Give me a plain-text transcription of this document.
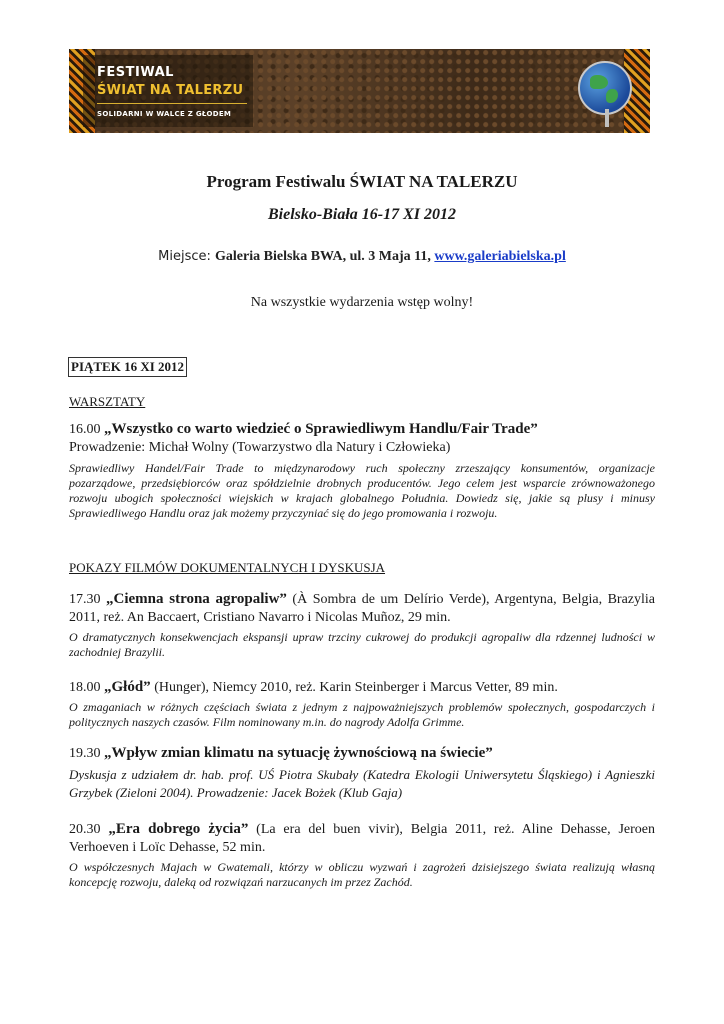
FESTIWAL
ŚWIAT NA TALERZU
SOLIDARNI W WALCE Z GŁODEM
Program Festiwalu ŚWIAT NA TALERZU
Bielsko-Biała 16-17 XI 2012
Miejsce: Galeria Bielska BWA, ul. 3 Maja 11, www.galeriabielska.pl
Na wszystkie wydarzenia wstęp wolny!
PIĄTEK 16 XI 2012
WARSZTATY
16.00 „Wszystko co warto wiedzieć o Sprawiedliwym Handlu/Fair Trade”
Prowadzenie: Michał Wolny (Towarzystwo dla Natury i Człowieka)
Sprawiedliwy Handel/Fair Trade to międzynarodowy ruch społeczny zrzeszający konsumentów, organizacje pozarządowe, przedsiębiorców oraz spółdzielnie drobnych producentów. Jego celem jest wsparcie zrównoważonego rozwoju ubogich społeczności wiejskich w krajach globalnego Południa. Dowiedz się, jakie są plusy i minusy Sprawiedliwego Handlu oraz jak możemy przyczyniać się do jego promowania i rozwoju.
POKAZY FILMÓW DOKUMENTALNYCH I DYSKUSJA
17.30 „Ciemna strona agropaliw” (À Sombra de um Delírio Verde), Argentyna, Belgia, Brazylia 2011, reż. An Baccaert, Cristiano Navarro i Nicolas Muñoz, 29 min.
O dramatycznych konsekwencjach ekspansji upraw trzciny cukrowej do produkcji agropaliw dla rdzennej ludności w zachodniej Brazylii.
18.00 „Głód” (Hunger), Niemcy 2010, reż. Karin Steinberger i Marcus Vetter, 89 min.
O zmaganiach w różnych częściach świata z jednym z najpoważniejszych problemów społecznych, gospodarczych i politycznych naszych czasów. Film nominowany m.in. do nagrody Adolfa Grimme.
19.30 „Wpływ zmian klimatu na sytuację żywnościową na świecie”
Dyskusja z udziałem dr. hab. prof. UŚ Piotra Skubały (Katedra Ekologii Uniwersytetu Śląskiego) i Agnieszki Grzybek (Zieloni 2004). Prowadzenie: Jacek Bożek (Klub Gaja)
20.30 „Era dobrego życia” (La era del buen vivir), Belgia 2011, reż. Aline Dehasse, Jeroen Verhoeven i Loïc Dehasse, 52 min.
O współczesnych Majach w Gwatemali, którzy w obliczu wyzwań i zagrożeń dzisiejszego świata realizują własną koncepcję rozwoju, daleką od rozwiązań narzucanych im przez Zachód.
